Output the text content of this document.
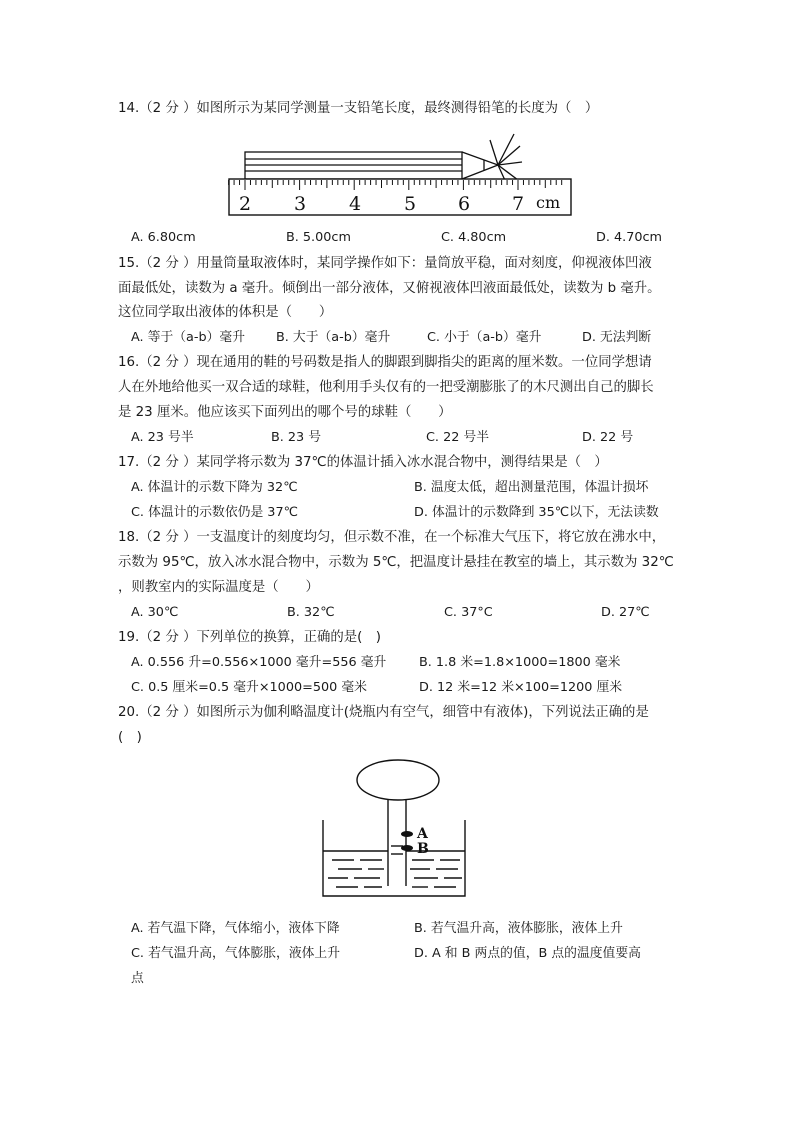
14.（2 分 ）如图所示为某同学测量一支铅笔长度，最终测得铅笔的长度为（　）
2 3 4 5 6 7 cm
A. 6.80cm	B. 5.00cm	C. 4.80cm	D. 4.70cm
15.（2 分 ）用量筒量取液体时，某同学操作如下：量筒放平稳，面对刻度，仰视液体凹液
面最低处，读数为 a 毫升。倾倒出一部分液体，又俯视液体凹液面最低处，读数为 b 毫升。
这位同学取出液体的体积是（　　）
A. 等于（a-b）毫升 B. 大于（a-b）毫升	C. 小于（a-b）毫升	D. 无法判断
16.（2 分 ）现在通用的鞋的号码数是指人的脚跟到脚指尖的距离的厘米数。一位同学想请
人在外地给他买一双合适的球鞋，他利用手头仅有的一把受潮膨胀了的木尺测出自己的脚长
是 23 厘米。他应该买下面列出的哪个号的球鞋（　　）
A. 23 号半	B. 23 号	C. 22 号半	D. 22 号
17.（2 分 ）某同学将示数为 37℃的体温计插入冰水混合物中，测得结果是（　）
A. 体温计的示数下降为 32℃	B. 温度太低，超出测量范围，体温计损坏
C. 体温计的示数依仍是 37℃	D. 体温计的示数降到 35℃以下，无法读数
18.（2 分 ）一支温度计的刻度均匀，但示数不准，在一个标准大气压下，将它放在沸水中，
示数为 95℃，放入冰水混合物中，示数为 5℃，把温度计悬挂在教室的墙上，其示数为 32℃
，则教室内的实际温度是（　　）
A. 30℃	B. 32℃	C. 37°C	D. 27℃
19.（2 分 ）下列单位的换算，正确的是(　)
A. 0.556 升=0.556×1000 毫升=556 毫升	B. 1.8 米=1.8×1000=1800 毫米
C. 0.5 厘米=0.5 毫升×1000=500 毫米	D. 12 米=12 米×100=1200 厘米
20.（2 分 ）如图所示为伽利略温度计(烧瓶内有空气，细管中有液体)，下列说法正确的是
(　)
A
B
A. 若气温下降，气体缩小，液体下降	B. 若气温升高，液体膨胀，液体上升
C. 若气温升高，气体膨胀，液体上升	D. A 和 B 两点的值，B 点的温度值要高
点
